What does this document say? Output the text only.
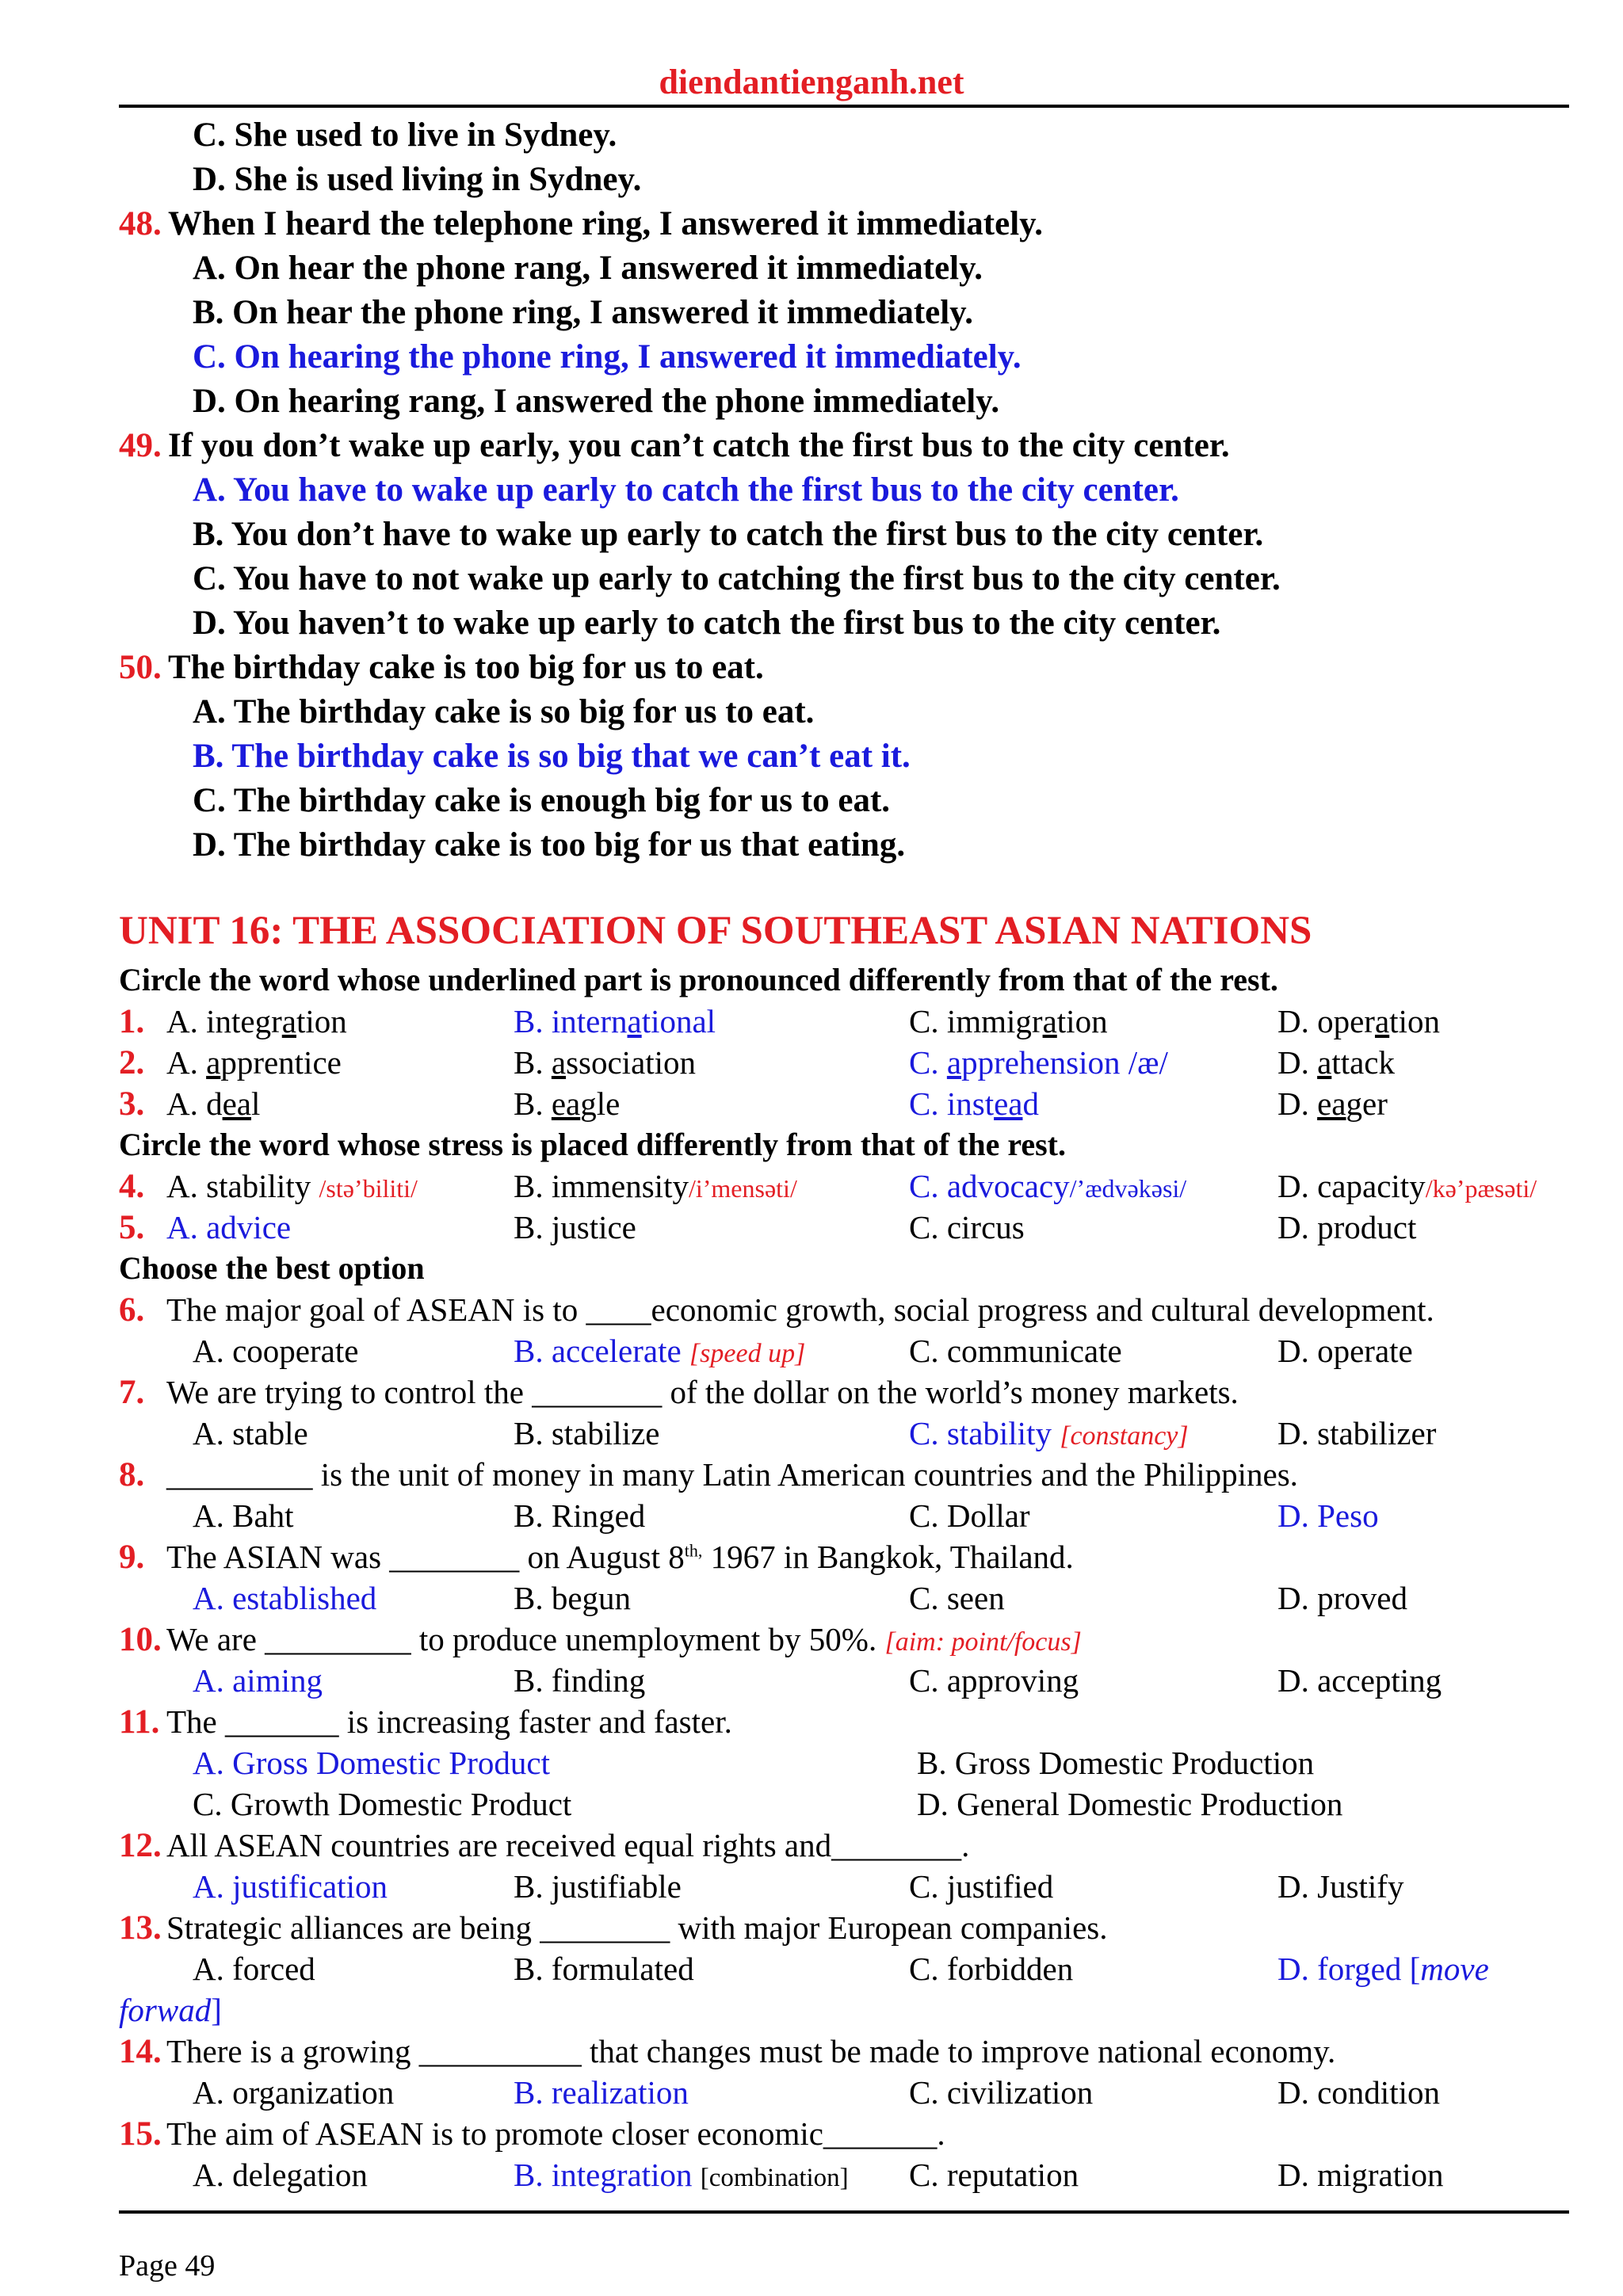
diendantienganh.net
C. She used to live in Sydney.
D. She is used living in Sydney.
48. When I heard the telephone ring, I answered it immediately.
A. On hear the phone rang, I answered it immediately.
B. On hear the phone ring, I answered it immediately.
C. On hearing the phone ring, I answered it immediately.
D. On hearing rang, I answered the phone immediately.
49. If you don’t wake up early, you can’t catch the first bus to the city center.
A. You have to wake up early to catch the first bus to the city center.
B. You don’t have to wake up early to catch the first bus to the city center.
C. You have to not wake up early to catching the first bus to the city center.
D. You haven’t to wake up early to catch the first bus to the city center.
50. The birthday cake is too big for us to eat.
A. The birthday cake is so big for us to eat.
B. The birthday cake is so big that we can’t eat it.
C. The birthday cake is enough big for us to eat.
D. The birthday cake is too big for us that eating.
UNIT 16: THE ASSOCIATION OF SOUTHEAST ASIAN NATIONS
Circle the word whose underlined part is pronounced differently from that of the rest.
1. A. integration	B. international	C. immigration	D. operation
2. A. apprentice	B. association	C. apprehension /æ/	D. attack
3. A. deal	B. eagle	C. instead	D. eager
Circle the word whose stress is placed differently from that of the rest.
4. A. stability /stə’biliti/	B. immensity/i’mensəti/	C. advocacy/’ædvəkəsi/	D. capacity/kə’pæsəti/
5. A. advice	B. justice	C. circus	D. product
Choose the best option
6. The major goal of ASEAN is to ____economic growth, social progress and cultural development.
A. cooperate	B. accelerate [speed up]	C. communicate	D. operate
7. We are trying to control the ________ of the dollar on the world’s money markets.
A. stable	B. stabilize	C. stability [constancy]	D. stabilizer
8. _________ is the unit of money in many Latin American countries and the Philippines.
A. Baht	B. Ringed	C. Dollar	D. Peso
9. The ASIAN was ________ on August $8^{th,}$ 1967 in Bangkok, Thailand.
A. established	B. begun	C. seen	D. proved
10. We are _________ to produce unemployment by 50%. [aim: point/focus]
A. aiming	B. finding	C. approving	D. accepting
11. The _______ is increasing faster and faster.
A. Gross Domestic Product	B. Gross Domestic Production
C. Growth Domestic Product	D. General Domestic Production
12. All ASEAN countries are received equal rights and________.
A. justification	B. justifiable	C. justified	D. Justify
13. Strategic alliances are being ________ with major European companies.
A. forced	B. formulated	C. forbidden	D. forged [move
forwad]
14. There is a growing __________ that changes must be made to improve national economy.
A. organization	B. realization	C. civilization	D. condition
15. The aim of ASEAN is to promote closer economic_______.
A. delegation	B. integration [combination] C. reputation	D. migration
Page 49
